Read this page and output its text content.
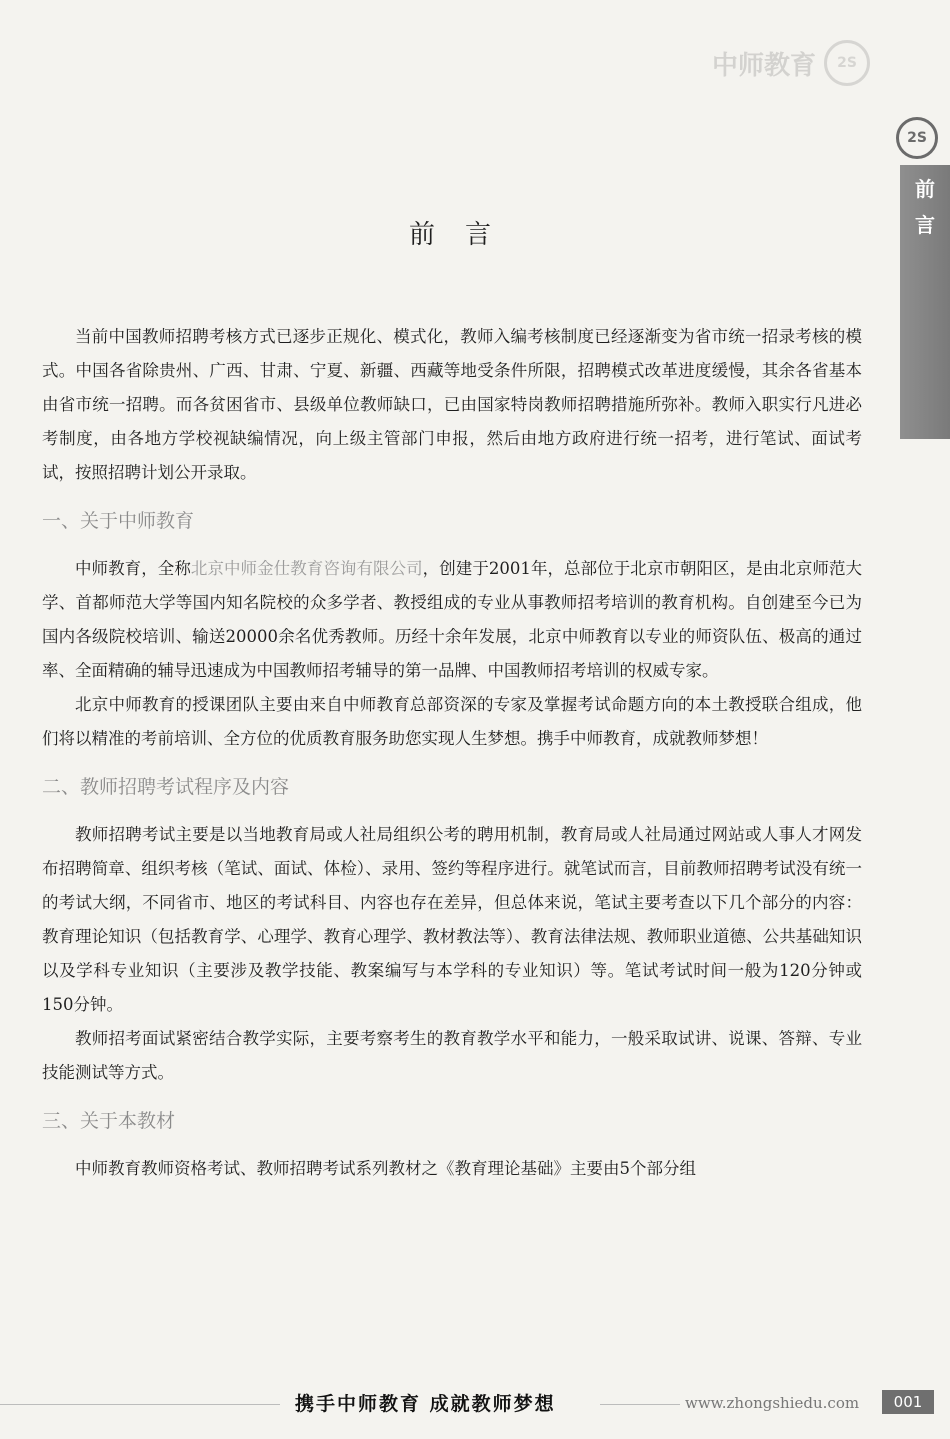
中师教育	2S
2S
前
言
前言

当前中国教师招聘考核方式已逐步正规化、模式化，教师入编考核制度已经逐渐变为省市统一招录考核的模式。中国各省除贵州、广西、甘肃、宁夏、新疆、西藏等地受条件所限，招聘模式改革进度缓慢，其余各省基本由省市统一招聘。而各贫困省市、县级单位教师缺口，已由国家特岗教师招聘措施所弥补。教师入职实行凡进必考制度，由各地方学校视缺编情况，向上级主管部门申报，然后由地方政府进行统一招考，进行笔试、面试考试，按照招聘计划公开录取。

一、关于中师教育

中师教育，全称北京中师金仕教育咨询有限公司，创建于2001年，总部位于北京市朝阳区，是由北京师范大学、首都师范大学等国内知名院校的众多学者、教授组成的专业从事教师招考培训的教育机构。自创建至今已为国内各级院校培训、输送20000余名优秀教师。历经十余年发展，北京中师教育以专业的师资队伍、极高的通过率、全面精确的辅导迅速成为中国教师招考辅导的第一品牌、中国教师招考培训的权威专家。

北京中师教育的授课团队主要由来自中师教育总部资深的专家及掌握考试命题方向的本土教授联合组成，他们将以精准的考前培训、全方位的优质教育服务助您实现人生梦想。携手中师教育，成就教师梦想！

二、教师招聘考试程序及内容

教师招聘考试主要是以当地教育局或人社局组织公考的聘用机制，教育局或人社局通过网站或人事人才网发布招聘简章、组织考核（笔试、面试、体检）、录用、签约等程序进行。就笔试而言，目前教师招聘考试没有统一的考试大纲，不同省市、地区的考试科目、内容也存在差异，但总体来说，笔试主要考查以下几个部分的内容：教育理论知识（包括教育学、心理学、教育心理学、教材教法等）、教育法律法规、教师职业道德、公共基础知识以及学科专业知识（主要涉及教学技能、教案编写与本学科的专业知识）等。笔试考试时间一般为120分钟或150分钟。

教师招考面试紧密结合教学实际，主要考察考生的教育教学水平和能力，一般采取试讲、说课、答辩、专业技能测试等方式。

三、关于本教材

中师教育教师资格考试、教师招聘考试系列教材之《教育理论基础》主要由5个部分组

携手中师教育 成就教师梦想	www.zhongshiedu.com	001
